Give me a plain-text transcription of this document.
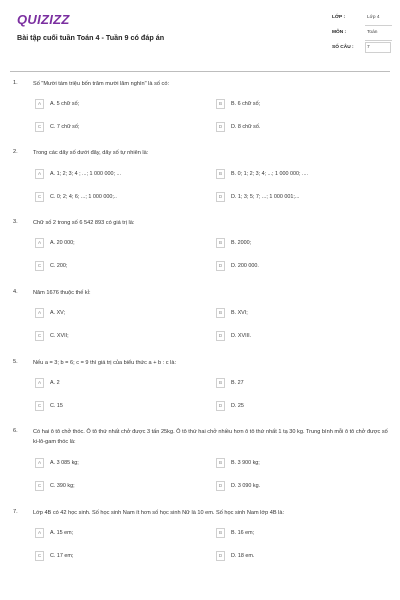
QUIZIZZ
Bài tập cuối tuần Toán 4 - Tuần 9 có đáp án
LỚP :	Lớp 4
MÔN :	Toán
SỐ CÂU :	7
1.	Số "Mười tám triệu bốn trăm mười lăm nghìn" là số có:
A	A. 5 chữ số;	B	B. 6 chữ số;
C	C. 7 chữ số;	D	D. 8 chữ số.
2.	Trong các dãy số dưới đây, dãy số tự nhiên là:
A	A. 1; 2; 3; 4 ; ...; 1 000 000; ...	B	B. 0; 1; 2; 3; 4; ...; 1 000 000; ....
C	C. 0; 2; 4; 6; ...; 1 000 000;..	D	D. 1; 3; 5; 7; ...; 1 000 001;...
3.	Chữ số 2 trong số 6 542 893 có giá trị là:
A	A. 20 000;	B	B. 2000;
C	C. 200;	D	D. 200 000.
4.	Năm 1676 thuộc thế kỉ:
A	A. XV;	B	B. XVI;
C	C. XVII;	D	D. XVIII.
5.	Nếu a = 3; b = 6; c = 9 thì giá trị của biểu thức a + b : c là:
A	A. 2	B	B. 27
C	C. 15	D	D. 25
6.	Có hai ô tô chở thóc. Ô tô thứ nhất chở được 3 tấn 25kg. Ô tô thứ hai chở nhiều hơn ô tô thứ nhất 1 tạ 30 kg. Trung bình mỗi ô tô chở được số ki-lô-gam thóc là:
A	A. 3 085 kg;	B	B. 3 900 kg;
C	C. 390 kg;	D	D. 3 090 kg.
7.	Lớp 4B có 42 học sinh. Số học sinh Nam ít hơn số học sinh Nữ là 10 em. Số học sinh Nam lớp 4B là:
A	A. 15 em;	B	B. 16 em;
C	C. 17 em;	D	D. 18 em.
